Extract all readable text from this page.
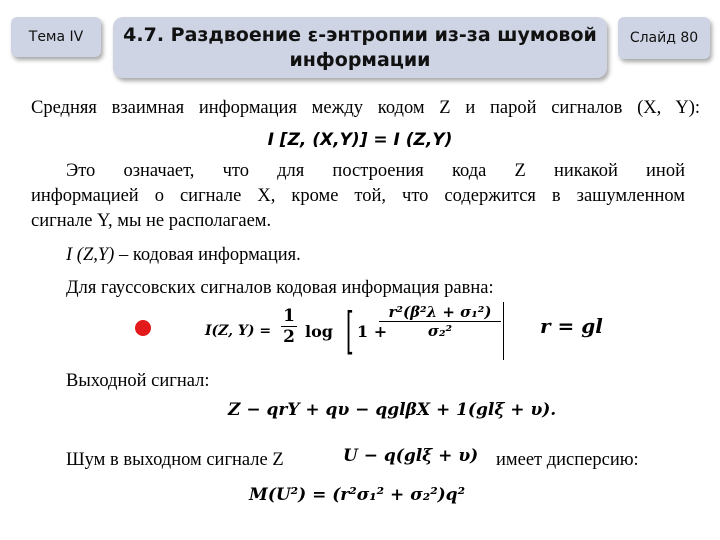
Тема IV	4.7. Раздвоение ε-энтропии из-за шумовой информации
Слайд 80
Средняя взаимная информация между кодом Z и парой сигналов (X, Y):
I [Z, (X,Y)] = I (Z,Y)
Это означает, что для построения кода Z никакой иной
информацией о сигнале X, кроме той, что содержится в зашумленном
сигнале Y, мы не располагаем.
I (Z,Y) – кодовая информация.
Для гауссовских сигналов кодовая информация равна:
I(Z, Y) =
1
2 log [ 1 +
r²(β²λ + σ₁²)
σ₂²	r = gl
Выходной сигнал:
Z − qrY + qυ − qglβX + 1(glξ + υ).
Шум в выходном сигнале Z	U − q(glξ + υ) имеет дисперсию:
M(U²) = (r²σ₁² + σ₂²)q²
